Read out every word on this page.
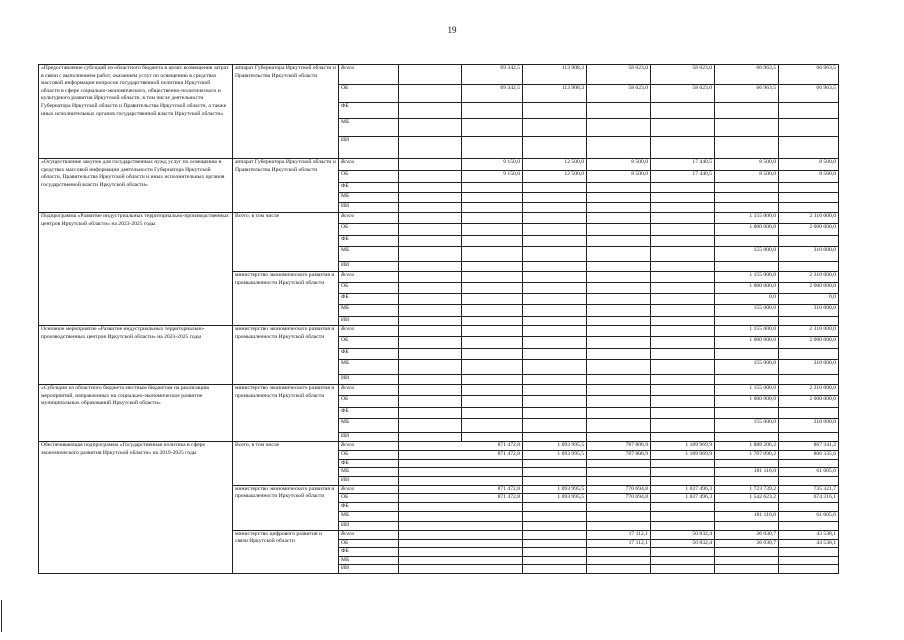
19
«Предоставление субсидий из областного бюджета в целях возмещения затрат в связи с выполнением работ, оказанием услуг по освещению в средствах массовой информации вопросов государственной политики Иркутской области в сфере социально-экономического, общественно-политического и культурного развития Иркутской области, в том числе деятельности Губернатора Иркутской области и Правительства Иркутской области, а также иных исполнительных органов государственной власти Иркутской области»	аппарат Губернатора Иркутской области и Правительства Иркутской области	Всего		69 342,5	113 908,3	58 023,0	58 023,0	66 963,5	66 963,5	
		ОБ		69 342,5	113 908,3	58 023,0	58 023,0	66 963,5	66 963,5	
		ФБ								
		МБ								
		ИИ								
«Осуществление закупок для государственных нужд услуг по освещению в средствах массовой информации деятельности Губернатора Иркутской области, Правительства Иркутской области и иных исполнительных органов государственной власти Иркутской области»	аппарат Губернатора Иркутской области и Правительства Иркутской области	Всего		9 150,0	12 500,0	8 500,0	17 440,5	8 500,0	8 500,0	
		ОБ		9 150,0	12 500,0	8 500,0	17 440,5	8 500,0	8 500,0	
		ФБ								
		МБ								
		ИИ								
Подпрограмма «Развитие индустриальных территориально-производственных центров Иркутской области» на 2023-2025 годы	Всего, в том числе	Всего						1 155 000,0	2 310 000,0	
		ОБ						1 000 000,0	2 000 000,0	
		ФБ								
		МБ						155 000,0	310 000,0	
		ИИ								
	министерство экономического развития и промышленности Иркутской области	Всего						1 155 000,0	2 310 000,0	
		ОБ						1 000 000,0	2 000 000,0	
		ФБ						0,0	0,0	
		МБ						155 000,0	310 000,0	
		ИИ								
Основное мероприятие «Развитие индустриальных территориально-производственных центров Иркутской области» на 2023-2025 годы	министерство экономического развития и промышленности Иркутской области	Всего						1 155 000,0	2 310 000,0	
		ОБ						1 000 000,0	2 000 000,0	
		ФБ								
		МБ						155 000,0	310 000,0	
		ИИ								
«Субсидии из областного бюджета местным бюджетам на реализацию мероприятий, направленных на социально-экономическое развитие муниципальных образований Иркутской области»	министерство экономического развития и промышленности Иркутской области	Всего						1 155 000,0	2 310 000,0	
		ОБ						1 000 000,0	2 000 000,0	
		ФБ								
		МБ						155 000,0	310 000,0	
		ИИ								
Обеспечивающая подпрограмма «Государственная политика в сфере экономического развития Иркутской области» на 2019-2025 годы	Всего, в том числе	Всего	871 472,8		1 093 995,5	787 806,9	1 189 969,9	1 888 206,2	867 341,2	
		ОБ	871 472,8		1 093 995,5	787 806,9	1 189 969,9	1 707 090,2	806 335,6	
		ФБ								
		МБ						181 116,0	61 005,6	
		ИИ								
	министерство экономического развития и промышленности Иркутской области	Всего	871 472,8		1 093 995,5	770 694,8	1 037 496,3	1 723 739,2	735 321,7	
		ОБ	871 472,8		1 093 995,5	770 694,8	1 037 496,3	1 542 623,2	674 316,1	
		ФБ								
		МБ						181 116,0	61 005,6	
		ИИ								
	министерство цифрового развития и связи Иркутской области	Всего				17 112,1	50 832,4	36 030,7	43 538,1	
		ОБ				17 112,1	50 832,4	36 030,7	43 538,1	
		ФБ								
		МБ								
		ИИ								
